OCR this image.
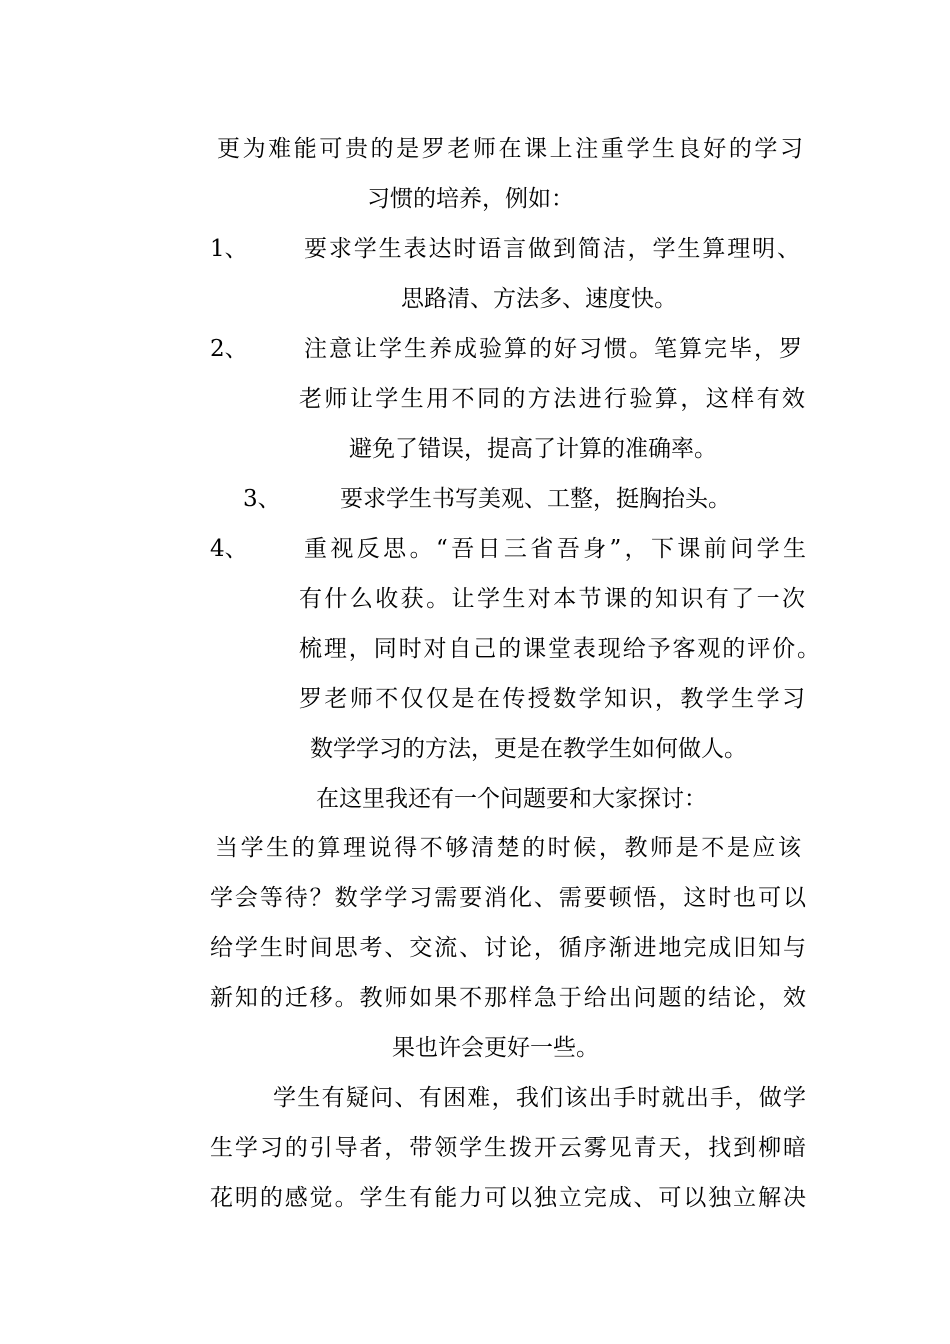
更为难能可贵的是罗老师在课上注重学生良好的学习
习惯的培养，例如：
1、 要求学生表达时语言做到简洁，学生算理明、
思路清、方法多、速度快。
2、 注意让学生养成验算的好习惯。笔算完毕，罗
老师让学生用不同的方法进行验算，这样有效
避免了错误，提高了计算的准确率。
3、	要求学生书写美观、工整，挺胸抬头。
4、 重视反思。“吾日三省吾身”，下课前问学生
有什么收获。让学生对本节课的知识有了一次
梳理，同时对自己的课堂表现给予客观的评价。
罗老师不仅仅是在传授数学知识，教学生学习
数学学习的方法，更是在教学生如何做人。
在这里我还有一个问题要和大家探讨：
当学生的算理说得不够清楚的时候，教师是不是应该
学会等待？数学学习需要消化、需要顿悟，这时也可以
给学生时间思考、交流、讨论，循序渐进地完成旧知与
新知的迁移。教师如果不那样急于给出问题的结论，效
果也许会更好一些。
学生有疑问、有困难，我们该出手时就出手，做学
生学习的引导者，带领学生拨开云雾见青天，找到柳暗
花明的感觉。学生有能力可以独立完成、可以独立解决
